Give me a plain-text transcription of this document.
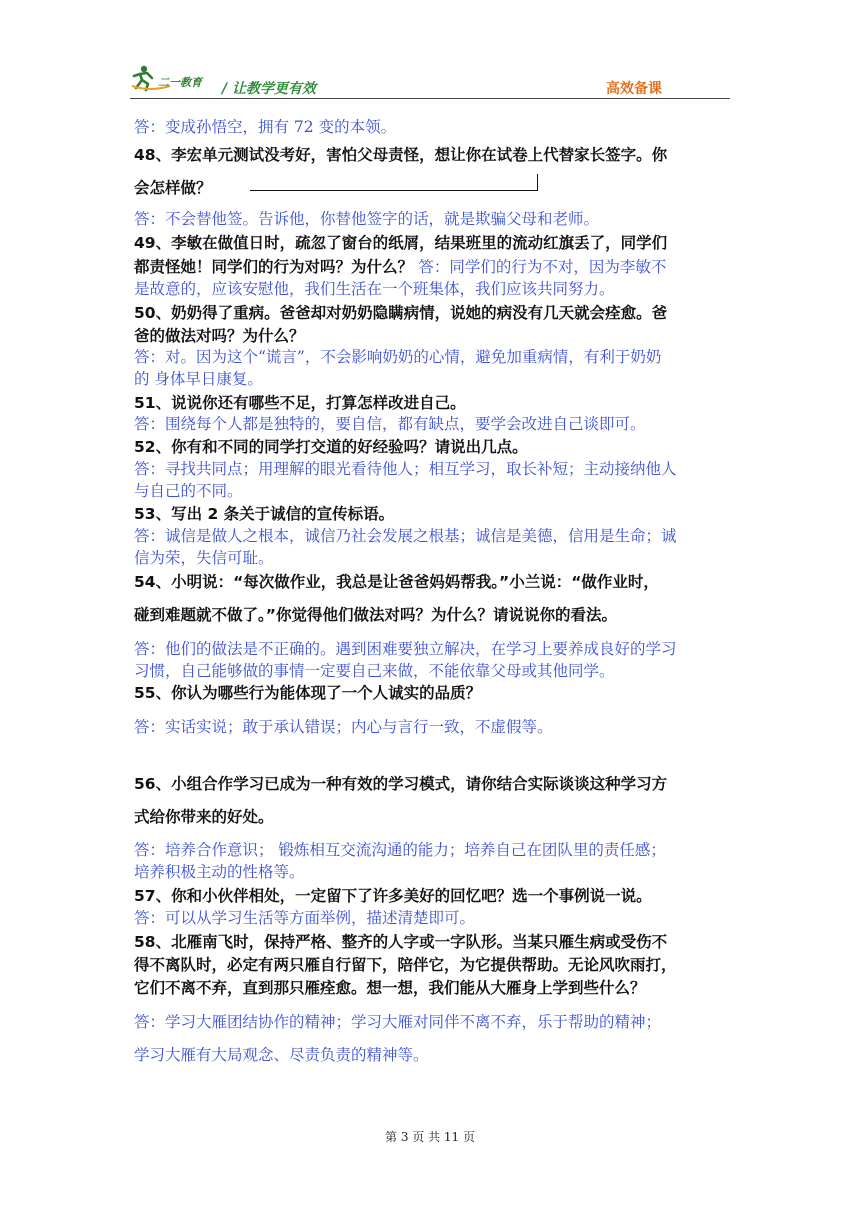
二一教育 / 让教学更有效	高效备课
答：变成孙悟空，拥有 72 变的本领。
48、李宏单元测试没考好，害怕父母责怪，想让你在试卷上代替家长签字。你
会怎样做？
答：不会替他签。告诉他，你替他签字的话，就是欺骗父母和老师。
49、李敏在做值日时，疏忽了窗台的纸屑，结果班里的流动红旗丢了，同学们
都责怪她！同学们的行为对吗？为什么？ 答：同学们的行为不对，因为李敏不
是故意的，应该安慰他，我们生活在一个班集体，我们应该共同努力。
50、奶奶得了重病。爸爸却对奶奶隐瞒病情，说她的病没有几天就会痊愈。爸
爸的做法对吗？为什么？
答：对。因为这个“谎言”，不会影响奶奶的心情，避免加重病情，有利于奶奶
的 身体早日康复。
51、说说你还有哪些不足，打算怎样改进自己。
答：围绕每个人都是独特的，要自信，都有缺点，要学会改进自己谈即可。
52、你有和不同的同学打交道的好经验吗？请说出几点。
答：寻找共同点；用理解的眼光看待他人；相互学习，取长补短；主动接纳他人
与自己的不同。
53、写出 2 条关于诚信的宣传标语。
答：诚信是做人之根本，诚信乃社会发展之根基；诚信是美德，信用是生命；诚
信为荣，失信可耻。
54、小明说：“每次做作业，我总是让爸爸妈妈帮我。”小兰说：“做作业时，
碰到难题就不做了。”你觉得他们做法对吗？为什么？请说说你的看法。
答：他们的做法是不正确的。遇到困难要独立解决，在学习上要养成良好的学习
习惯，自己能够做的事情一定要自己来做，不能依靠父母或其他同学。
55、你认为哪些行为能体现了一个人诚实的品质？
答：实话实说；敢于承认错误；内心与言行一致，不虚假等。
56、小组合作学习已成为一种有效的学习模式，请你结合实际谈谈这种学习方
式给你带来的好处。
答：培养合作意识； 锻炼相互交流沟通的能力；培养自己在团队里的责任感；
培养积极主动的性格等。
57、你和小伙伴相处，一定留下了许多美好的回忆吧？选一个事例说一说。
答：可以从学习生活等方面举例，描述清楚即可。
58、北雁南飞时，保持严格、整齐的人字或一字队形。当某只雁生病或受伤不
得不离队时，必定有两只雁自行留下，陪伴它，为它提供帮助。无论风吹雨打，
它们不离不弃，直到那只雁痊愈。想一想，我们能从大雁身上学到些什么？
答：学习大雁团结协作的精神；学习大雁对同伴不离不弃，乐于帮助的精神；
学习大雁有大局观念、尽责负责的精神等。
第 3 页 共 11 页
